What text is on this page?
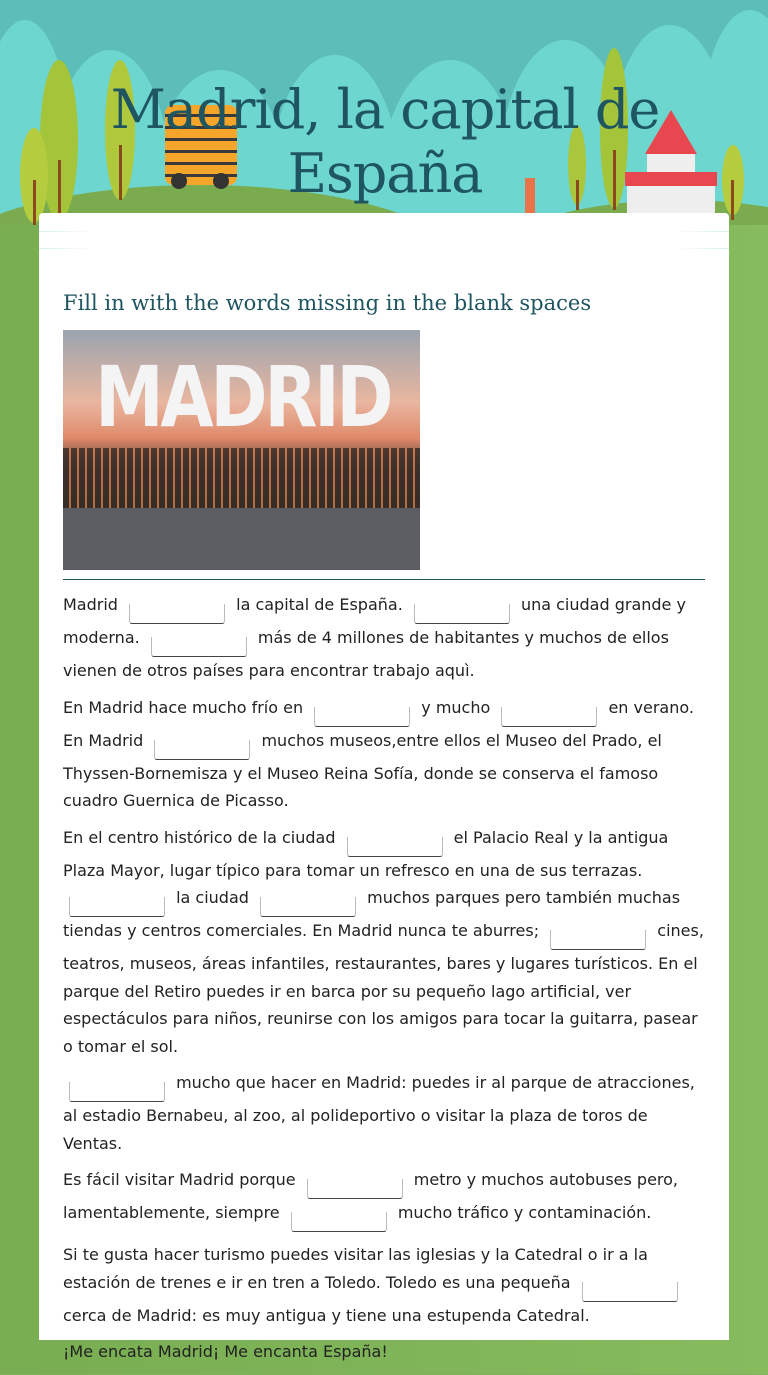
Madrid, la capital de España
Fill in with the words missing in the blank spaces
MADRID

Madrid	la capital de España.	una ciudad grande y moderna.	más de 4 millones de habitantes y muchos de ellos vienen de otros países para encontrar trabajo aquì.

En Madrid hace mucho frío en	y mucho	en verano. En Madrid	muchos museos,entre ellos el Museo del Prado, el Thyssen-Bornemisza y el Museo Reina Sofía, donde se conserva el famoso cuadro Guernica de Picasso.

En el centro histórico de la ciudad	el Palacio Real y la antigua Plaza Mayor, lugar típico para tomar un refresco en una de sus terrazas.  la ciudad	muchos parques pero también muchas tiendas y centros comerciales. En Madrid nunca te aburres;	cines, teatros, museos, áreas infantiles, restaurantes, bares y lugares turísticos. En el parque del Retiro puedes ir en barca por su pequeño lago artificial, ver espectáculos para niños, reunirse con los amigos para tocar la guitarra, pasear o tomar el sol.

mucho que hacer en Madrid: puedes ir al parque de atracciones, al estadio Bernabeu, al zoo, al polideportivo o visitar la plaza de toros de Ventas.

Es fácil visitar Madrid porque	metro y muchos autobuses pero, lamentablemente, siempre	mucho tráfico y contaminación.

Si te gusta hacer turismo puedes visitar las iglesias y la Catedral o ir a la estación de trenes e ir en tren a Toledo. Toledo es una pequeña  cerca de Madrid: es muy antigua y tiene una estupenda Catedral.

¡Me encata Madrid¡ Me encanta España!
